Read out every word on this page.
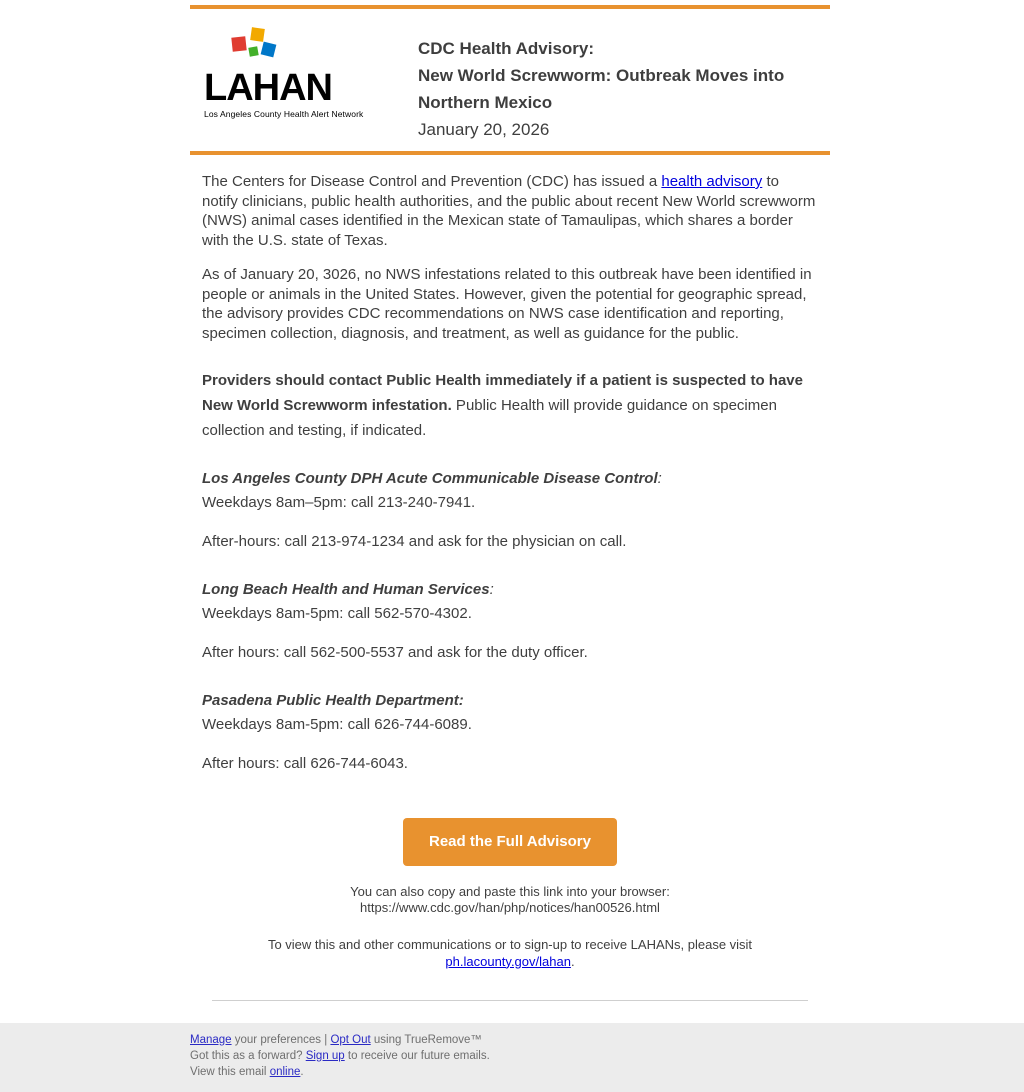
LAHAN
Los Angeles County Health Alert Network
CDC Health Advisory:
New World Screwworm: Outbreak Moves into
Northern Mexico
January 20, 2026

The Centers for Disease Control and Prevention (CDC) has issued a health advisory to notify clinicians, public health authorities, and the public about recent New World screwworm (NWS) animal cases identified in the Mexican state of Tamaulipas, which shares a border with the U.S. state of Texas.

As of January 20, 3026, no NWS infestations related to this outbreak have been identified in people or animals in the United States. However, given the potential for geographic spread, the advisory provides CDC recommendations on NWS case identification and reporting, specimen collection, diagnosis, and treatment, as well as guidance for the public.

Providers should contact Public Health immediately if a patient is suspected to have New World Screwworm infestation. Public Health will provide guidance on specimen collection and testing, if indicated.

Los Angeles County DPH Acute Communicable Disease Control:

Weekdays 8am–5pm: call 213-240-7941.

After-hours: call 213-974-1234 and ask for the physician on call.

Long Beach Health and Human Services:

Weekdays 8am-5pm: call 562-570-4302.

After hours: call 562-500-5537 and ask for the duty officer.

Pasadena Public Health Department:

Weekdays 8am-5pm: call 626-744-6089.

After hours: call 626-744-6043.

Read the Full Advisory

You can also copy and paste this link into your browser:
https://www.cdc.gov/han/php/notices/han00526.html

To view this and other communications or to sign-up to receive LAHANs, please visit
ph.lacounty.gov/lahan.

Manage your preferences | Opt Out using TrueRemove™
Got this as a forward? Sign up to receive our future emails.
View this email online.
